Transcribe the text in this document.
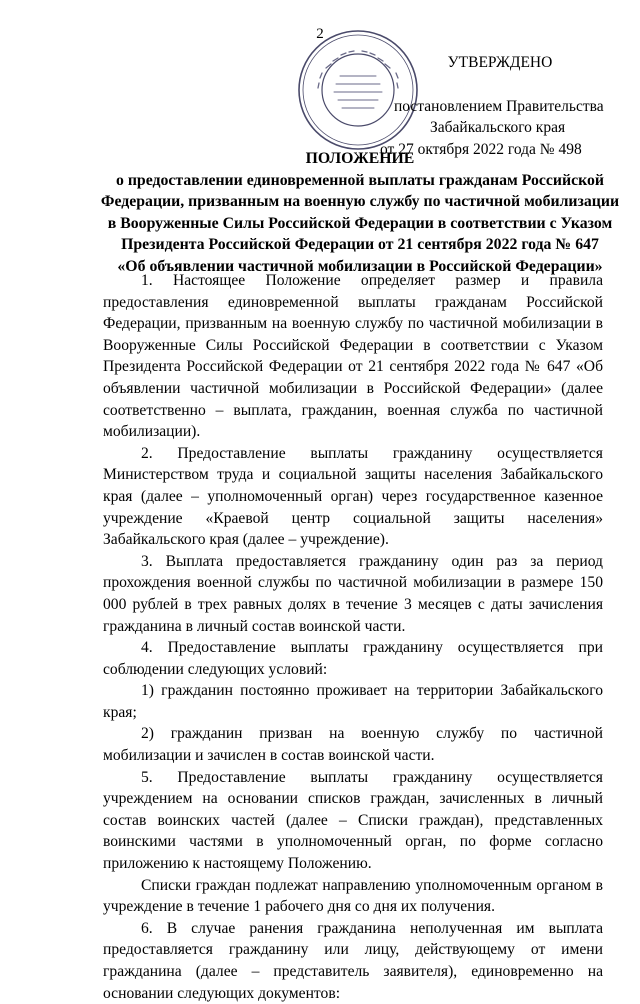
2
УТВЕРЖДЕНО
постановлением Правительства
Забайкальского края
от 27 октября 2022 года № 498
ПОЛОЖЕНИЕ
о предоставлении единовременной выплаты гражданам Российской
Федерации, призванным на военную службу по частичной мобилизации
в Вооруженные Силы Российской Федерации в соответствии с Указом
Президента Российской Федерации от 21 сентября 2022 года № 647
«Об объявлении частичной мобилизации в Российской Федерации»

1. Настоящее Положение определяет размер и правила предоставления единовременной выплаты гражданам Российской Федерации, призванным на военную службу по частичной мобилизации в Вооруженные Силы Российской Федерации в соответствии с Указом Президента Российской Федерации от 21 сентября 2022 года № 647 «Об объявлении частичной мобилизации в Российской Федерации» (далее соответственно – выплата, гражданин, военная служба по частичной мобилизации).

2. Предоставление выплаты гражданину осуществляется Министерством труда и социальной защиты населения Забайкальского края (далее – уполномоченный орган) через государственное казенное учреждение «Краевой центр социальной защиты населения» Забайкальского края (далее – учреждение).

3. Выплата предоставляется гражданину один раз за период прохождения военной службы по частичной мобилизации в размере 150 000 рублей в трех равных долях в течение 3 месяцев с даты зачисления гражданина в личный состав воинской части.

4. Предоставление выплаты гражданину осуществляется при соблюдении следующих условий:

1) гражданин постоянно проживает на территории Забайкальского края;

2) гражданин призван на военную службу по частичной мобилизации и зачислен в состав воинской части.

5. Предоставление выплаты гражданину осуществляется учреждением на основании списков граждан, зачисленных в личный состав воинских частей (далее – Списки граждан), представленных воинскими частями в уполномоченный орган, по форме согласно приложению к настоящему Положению.

Списки граждан подлежат направлению уполномоченным органом в учреждение в течение 1 рабочего дня со дня их получения.

6. В случае ранения гражданина неполученная им выплата предоставляется гражданину или лицу, действующему от имени гражданина (далее – представитель заявителя), единовременно на основании следующих документов:
